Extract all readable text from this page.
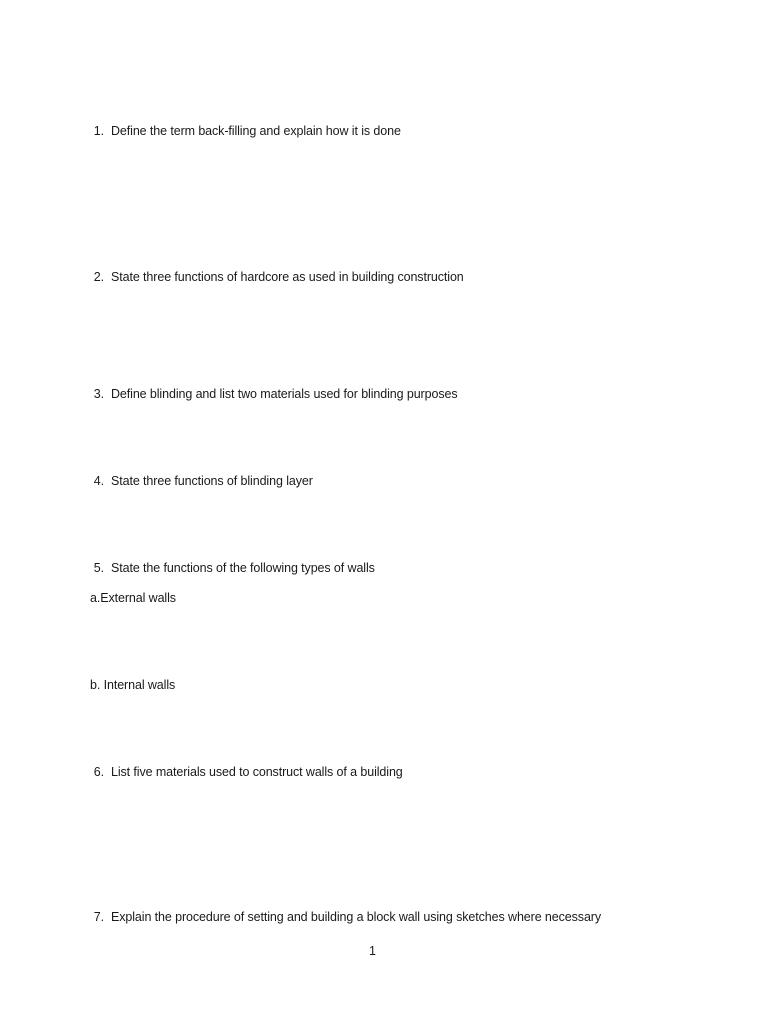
1. Define the term back-filling and explain how it is done
2. State three functions of hardcore as used in building construction
3. Define blinding and list two materials used for blinding purposes
4. State three functions of blinding layer
5. State the functions of the following types of walls
a.External walls
b. Internal walls
6. List five materials used to construct walls of a building
7. Explain the procedure of setting and building a block wall using sketches where necessary
1
